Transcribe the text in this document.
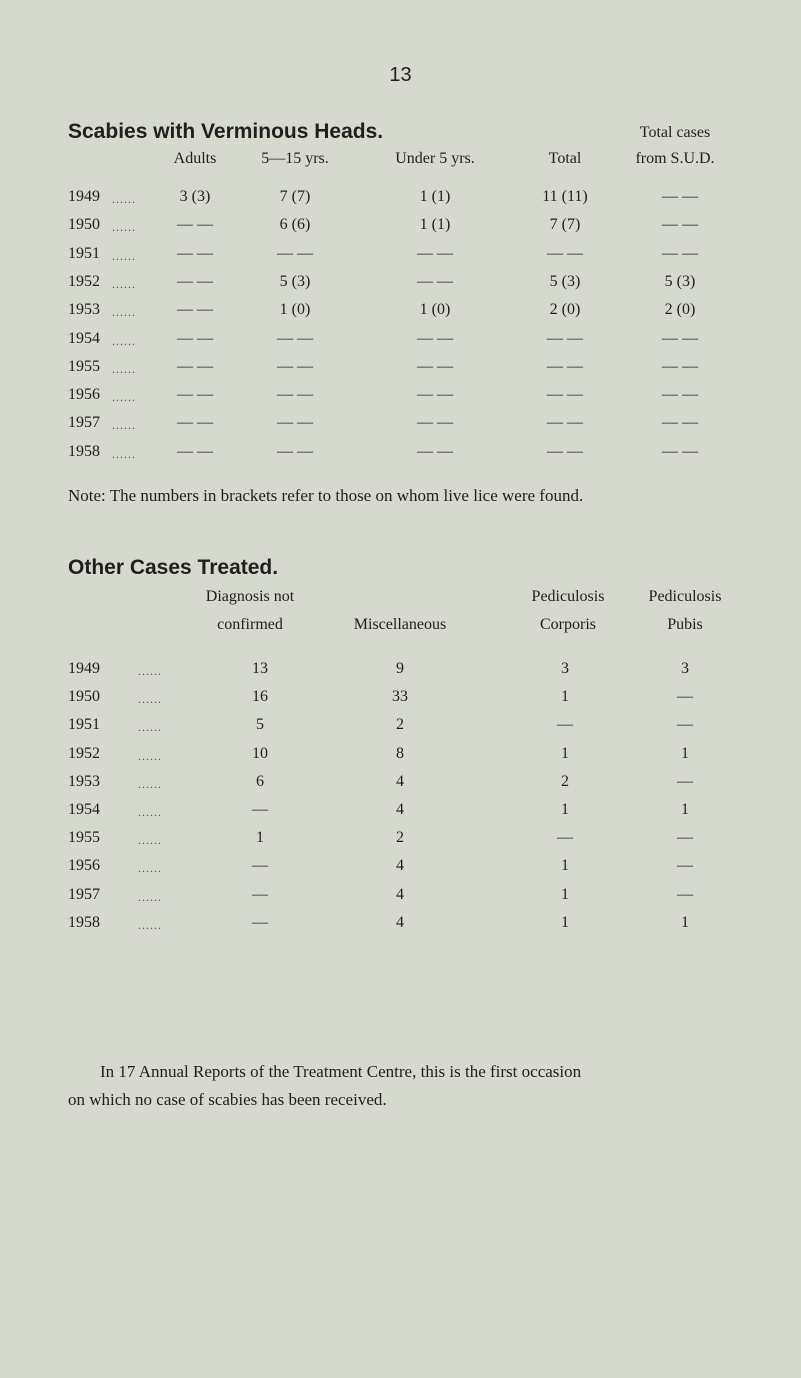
13
Scabies with Verminous Heads.	Total cases
Adults	5—15 yrs.	Under 5 yrs.	Total	from S.U.D.
1949	......	3 (3)	7 (7)	1 (1)	11 (11)	— —
1950	......	— —	6 (6)	1 (1)	7 (7)	— —
1951	......	— —	— —	— —	— —	— —
1952	......	— —	5 (3)	— —	5 (3)	5 (3)
1953	......	— —	1 (0)	1 (0)	2 (0)	2 (0)
1954	......	— —	— —	— —	— —	— —
1955	......	— —	— —	— —	— —	— —
1956	......	— —	— —	— —	— —	— —
1957	......	— —	— —	— —	— —	— —
1958	......	— —	— —	— —	— —	— —
Note: The numbers in brackets refer to those on whom live lice were found.
Other Cases Treated.
Diagnosis not
confirmed	Miscellaneous
Pediculosis
Corporis
Pediculosis
Pubis
1949	......	13	9	3	3
1950	......	16	33	1	—
1951	......	5	2	—	—
1952	......	10	8	1	1
1953	......	6	4	2	—
1954	......	—	4	1	1
1955	......	1	2	—	—
1956	......	—	4	1	—
1957	......	—	4	1	—
1958	......	—	4	1	1
In 17 Annual Reports of the Treatment Centre, this is the first occasion
on which no case of scabies has been received.
